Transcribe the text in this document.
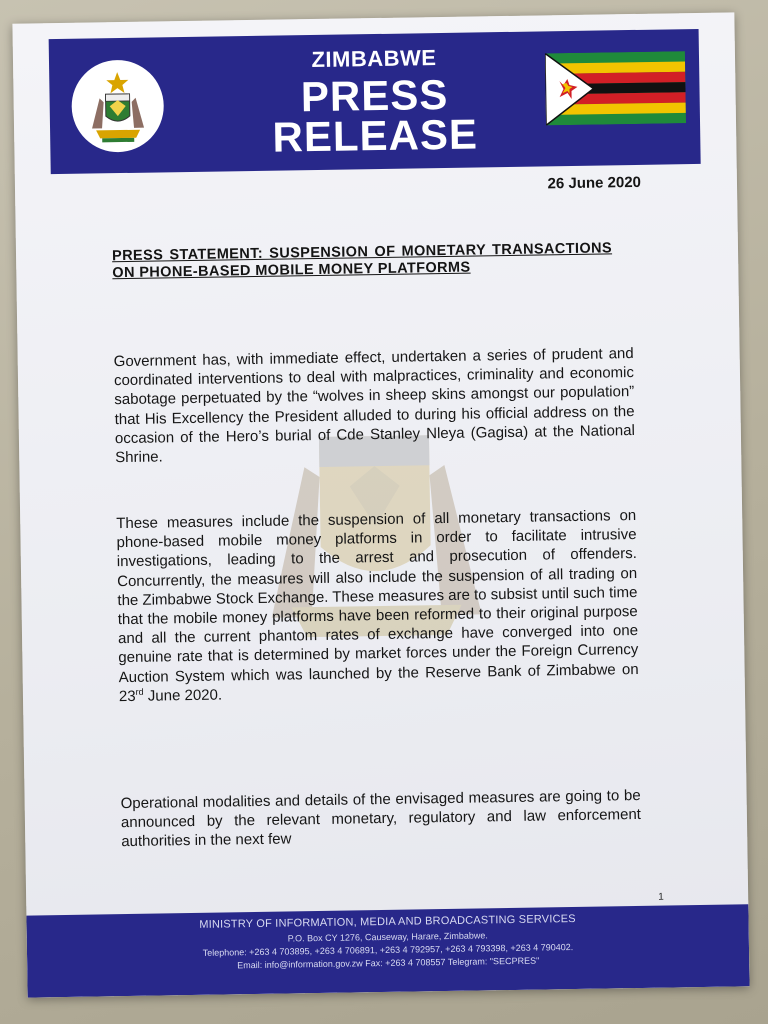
ZIMBABWE
PRESS
RELEASE
26 June 2020
PRESS STATEMENT: SUSPENSION OF MONETARY TRANSACTIONS ON PHONE-BASED MOBILE MONEY PLATFORMS
Government has, with immediate effect, undertaken a series of prudent and coordinated interventions to deal with malpractices, criminality and economic sabotage perpetuated by the “wolves in sheep skins amongst our population” that His Excellency the President alluded to during his official address on the occasion of the Hero’s burial of Cde Stanley Nleya (Gagisa) at the National Shrine.
These measures include the suspension of all monetary transactions on phone-based mobile money platforms in order to facilitate intrusive investigations, leading to the arrest and prosecution of offenders. Concurrently, the measures will also include the suspension of all trading on the Zimbabwe Stock Exchange. These measures are to subsist until such time that the mobile money platforms have been reformed to their original purpose and all the current phantom rates of exchange have converged into one genuine rate that is determined by market forces under the Foreign Currency Auction System which was launched by the Reserve Bank of Zimbabwe on 23rd June 2020.
Operational modalities and details of the envisaged measures are going to be announced by the relevant monetary, regulatory and law enforcement authorities in the next few
1
MINISTRY OF INFORMATION, MEDIA AND BROADCASTING SERVICES
P.O. Box CY 1276, Causeway, Harare, Zimbabwe.
Telephone: +263 4 703895, +263 4 706891, +263 4 792957, +263 4 793398, +263 4 790402.
Email: info@information.gov.zw Fax: +263 4 708557 Telegram: "SECPRES"
